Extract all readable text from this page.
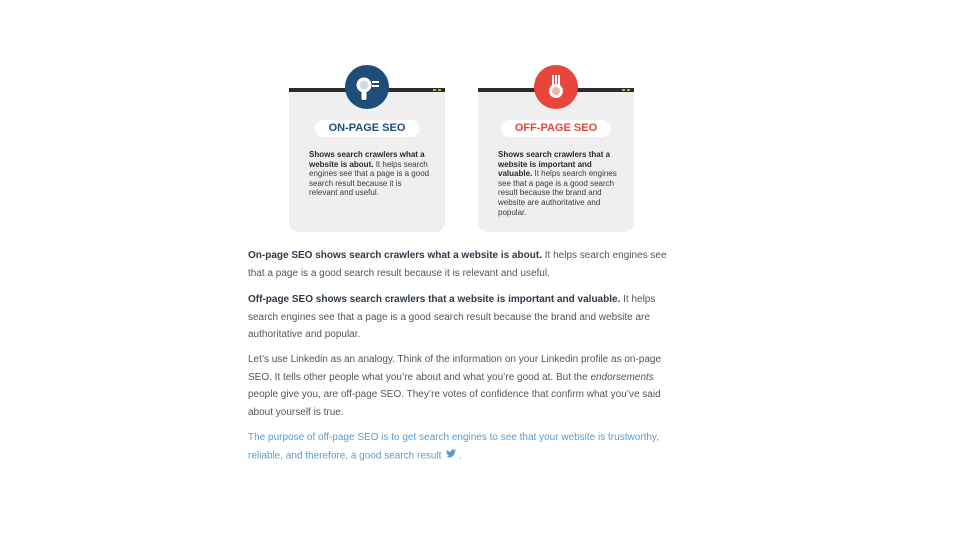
ON-PAGE SEO
Shows search crawlers what a website is about. It helps search engines see that a page is a good search result because it is relevant and useful.
OFF-PAGE SEO
Shows search crawlers that a website is important and valuable. It helps search engines see that a page is a good search result because the brand and website are authoritative and popular.

On-page SEO shows search crawlers what a website is about. It helps search engines see that a page is a good search result because it is relevant and useful.

Off-page SEO shows search crawlers that a website is important and valuable. It helps search engines see that a page is a good search result because the brand and website are authoritative and popular.

Let’s use Linkedin as an analogy. Think of the information on your Linkedin profile as on-page SEO. It tells other people what you’re about and what you’re good at. But the endorsements people give you, are off-page SEO. They’re votes of confidence that confirm what you’ve said about yourself is true.

The purpose of off-page SEO is to get search engines to see that your website is trustworthy, reliable, and therefore, a good search result .
